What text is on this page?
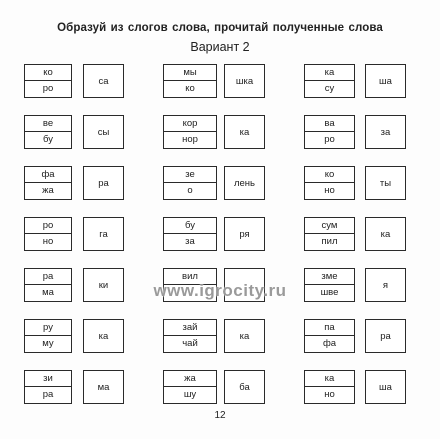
Образуй из слогов слова, прочитай полученные слова
Вариант 2
ко
ро
са
мы
ко
шка
ка
су
ша
ве
бу
сы
кор
нор
ка
ва
ро
за
фа
жа
ра
зе
о
лень
ко
но
ты
ро
но
га
бу
за
ря
сум
пил
ка
ра
ма
ки
вил	зме
шве
я
ру
му
ка
зай
чай
ка
па
фа
ра
зи
ра
ма
жа
шу
ба
ка
но
ша
www.igrocity.ru
12
